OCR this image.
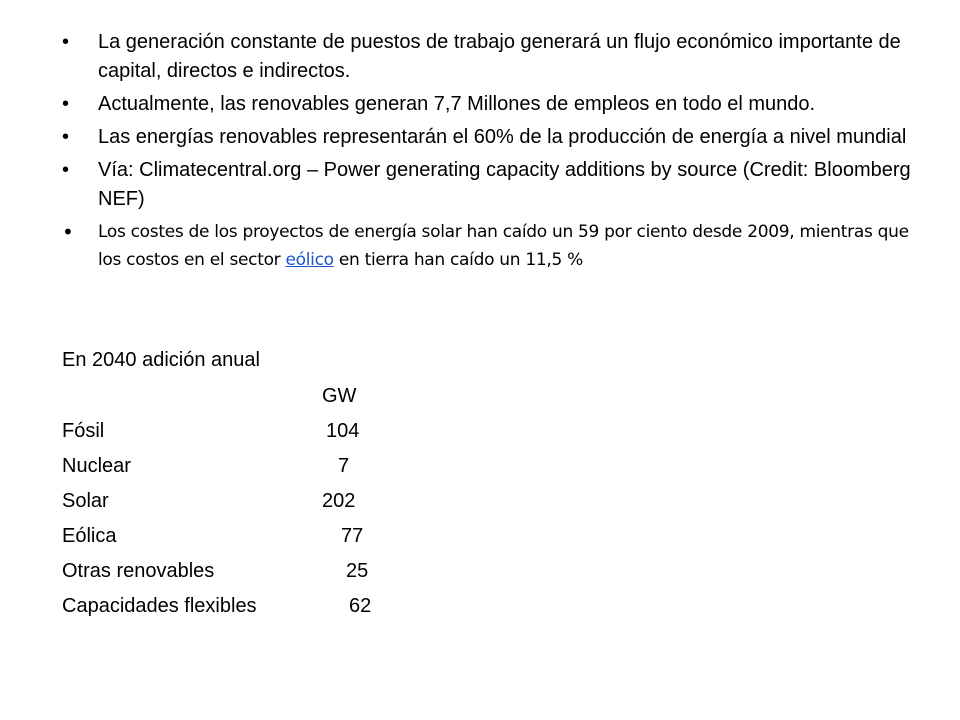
•	La generación constante de puestos de trabajo generará un flujo económico importante de capital, directos e indirectos.
•	Actualmente, las renovables generan 7,7 Millones de empleos en todo el mundo.
•	Las energías renovables representarán el 60% de la producción de energía a nivel mundial
•	Vía: Climatecentral.org – Power generating capacity additions by source (Credit: Bloomberg NEF)
•	Los costes de los proyectos de energía solar han caído un 59 por ciento desde 2009, mientras que los costos en el sector eólico en tierra han caído un 11,5 %
En 2040 adición anual
GW
Fósil	104
Nuclear	7
Solar	202
Eólica	77
Otras renovables	25
Capacidades flexibles	62
